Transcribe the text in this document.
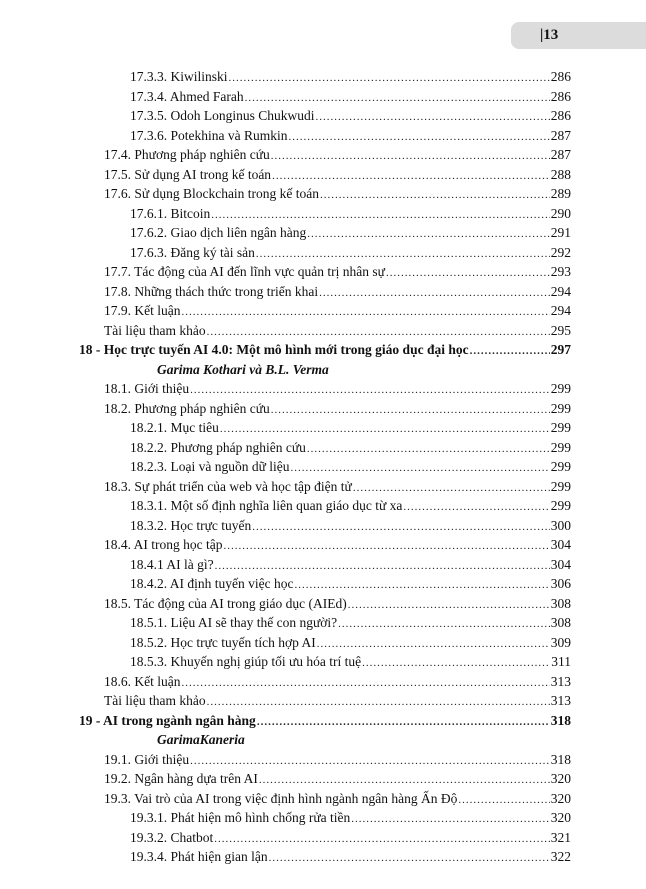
|13
17.3.3. Kiwilinski .....	286
17.3.4. Ahmed Farah .....	286
17.3.5. Odoh Longinus Chukwudi .....	286
17.3.6. Potekhina và Rumkin .....	287
17.4. Phương pháp nghiên cứu .....	287
17.5. Sử dụng AI trong kế toán .....	288
17.6. Sử dụng Blockchain trong kế toán .....	289
17.6.1. Bitcoin .....	290
17.6.2. Giao dịch liên ngân hàng .....	291
17.6.3. Đăng ký tài sản .....	292
17.7. Tác động của AI đến lĩnh vực quản trị nhân sự .....	293
17.8. Những thách thức trong triển khai .....	294
17.9. Kết luận .....	294
Tài liệu tham khảo .....	295
18 - Học trực tuyến AI 4.0: Một mô hình mới trong giáo dục đại học .....	297
Garima Kothari và B.L. Verma
18.1. Giới thiệu .....	299
18.2. Phương pháp nghiên cứu .....	299
18.2.1. Mục tiêu .....	299
18.2.2. Phương pháp nghiên cứu .....	299
18.2.3. Loại và nguồn dữ liệu .....	299
18.3. Sự phát triển của web và học tập điện tử .....	299
18.3.1. Một số định nghĩa liên quan giáo dục từ xa .....	299
18.3.2. Học trực tuyến .....	300
18.4. AI trong học tập .....	304
18.4.1 AI là gì? .....	304
18.4.2. AI định tuyến việc học .....	306
18.5. Tác động của AI trong giáo dục (AIEd) .....	308
18.5.1. Liệu AI sẽ thay thế con người? .....	308
18.5.2. Học trực tuyến tích hợp AI .....	309
18.5.3. Khuyến nghị giúp tối ưu hóa trí tuệ .....	311
18.6. Kết luận .....	313
Tài liệu tham khảo .....	313
19 - AI trong ngành ngân hàng .....	318
GarimaKaneria
19.1. Giới thiệu .....	318
19.2. Ngân hàng dựa trên AI .....	320
19.3. Vai trò của AI trong việc định hình ngành ngân hàng Ấn Độ .....	320
19.3.1. Phát hiện mô hình chống rửa tiền .....	320
19.3.2. Chatbot .....	321
19.3.4. Phát hiện gian lận .....	322
